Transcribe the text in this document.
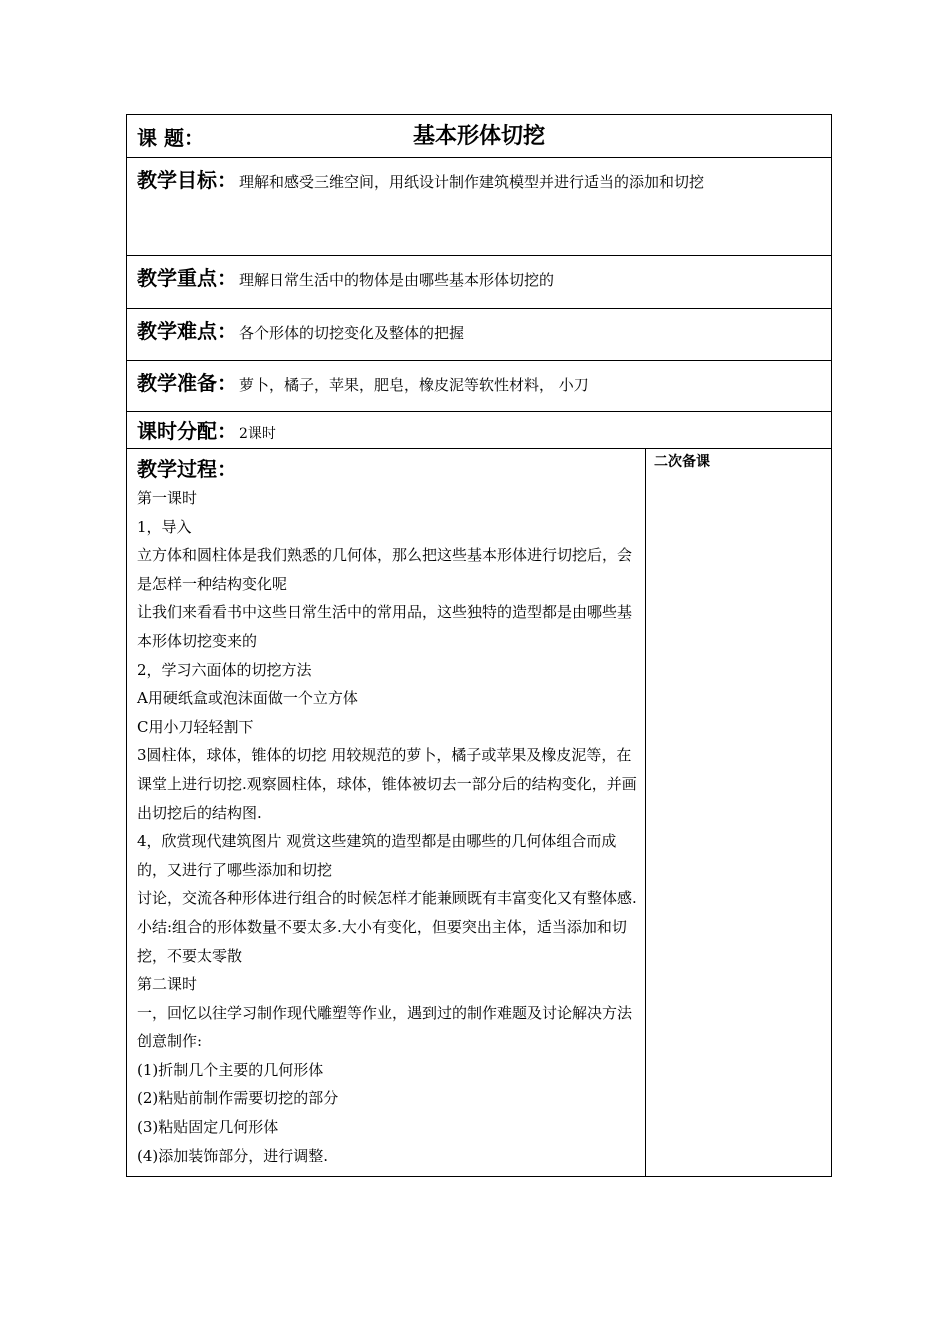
课 题：	基本形体切挖

教学目标： 理解和感受三维空间，用纸设计制作建筑模型并进行适当的添加和切挖

教学重点： 理解日常生活中的物体是由哪些基本形体切挖的

教学难点： 各个形体的切挖变化及整体的把握

教学准备： 萝卜，橘子，苹果，肥皂，橡皮泥等软性材料， 小刀

课时分配： 2课时

教学过程：

第一课时

1，导入

立方体和圆柱体是我们熟悉的几何体，那么把这些基本形体进行切挖后，会是怎样一种结构变化呢

让我们来看看书中这些日常生活中的常用品，这些独特的造型都是由哪些基本形体切挖变来的

2，学习六面体的切挖方法

A用硬纸盒或泡沫面做一个立方体

C用小刀轻轻割下

3圆柱体，球体，锥体的切挖 用较规范的萝卜，橘子或苹果及橡皮泥等，在课堂上进行切挖.观察圆柱体，球体，锥体被切去一部分后的结构变化，并画出切挖后的结构图.

4，欣赏现代建筑图片 观赏这些建筑的造型都是由哪些的几何体组合而成的，又进行了哪些添加和切挖

讨论，交流各种形体进行组合的时候怎样才能兼顾既有丰富变化又有整体感.

小结:组合的形体数量不要太多.大小有变化，但要突出主体，适当添加和切挖，不要太零散

第二课时

一，回忆以往学习制作现代雕塑等作业，遇到过的制作难题及讨论解决方法 创意制作:

(1)折制几个主要的几何形体

(2)粘贴前制作需要切挖的部分

(3)粘贴固定几何形体

(4)添加装饰部分，进行调整.

二次备课
